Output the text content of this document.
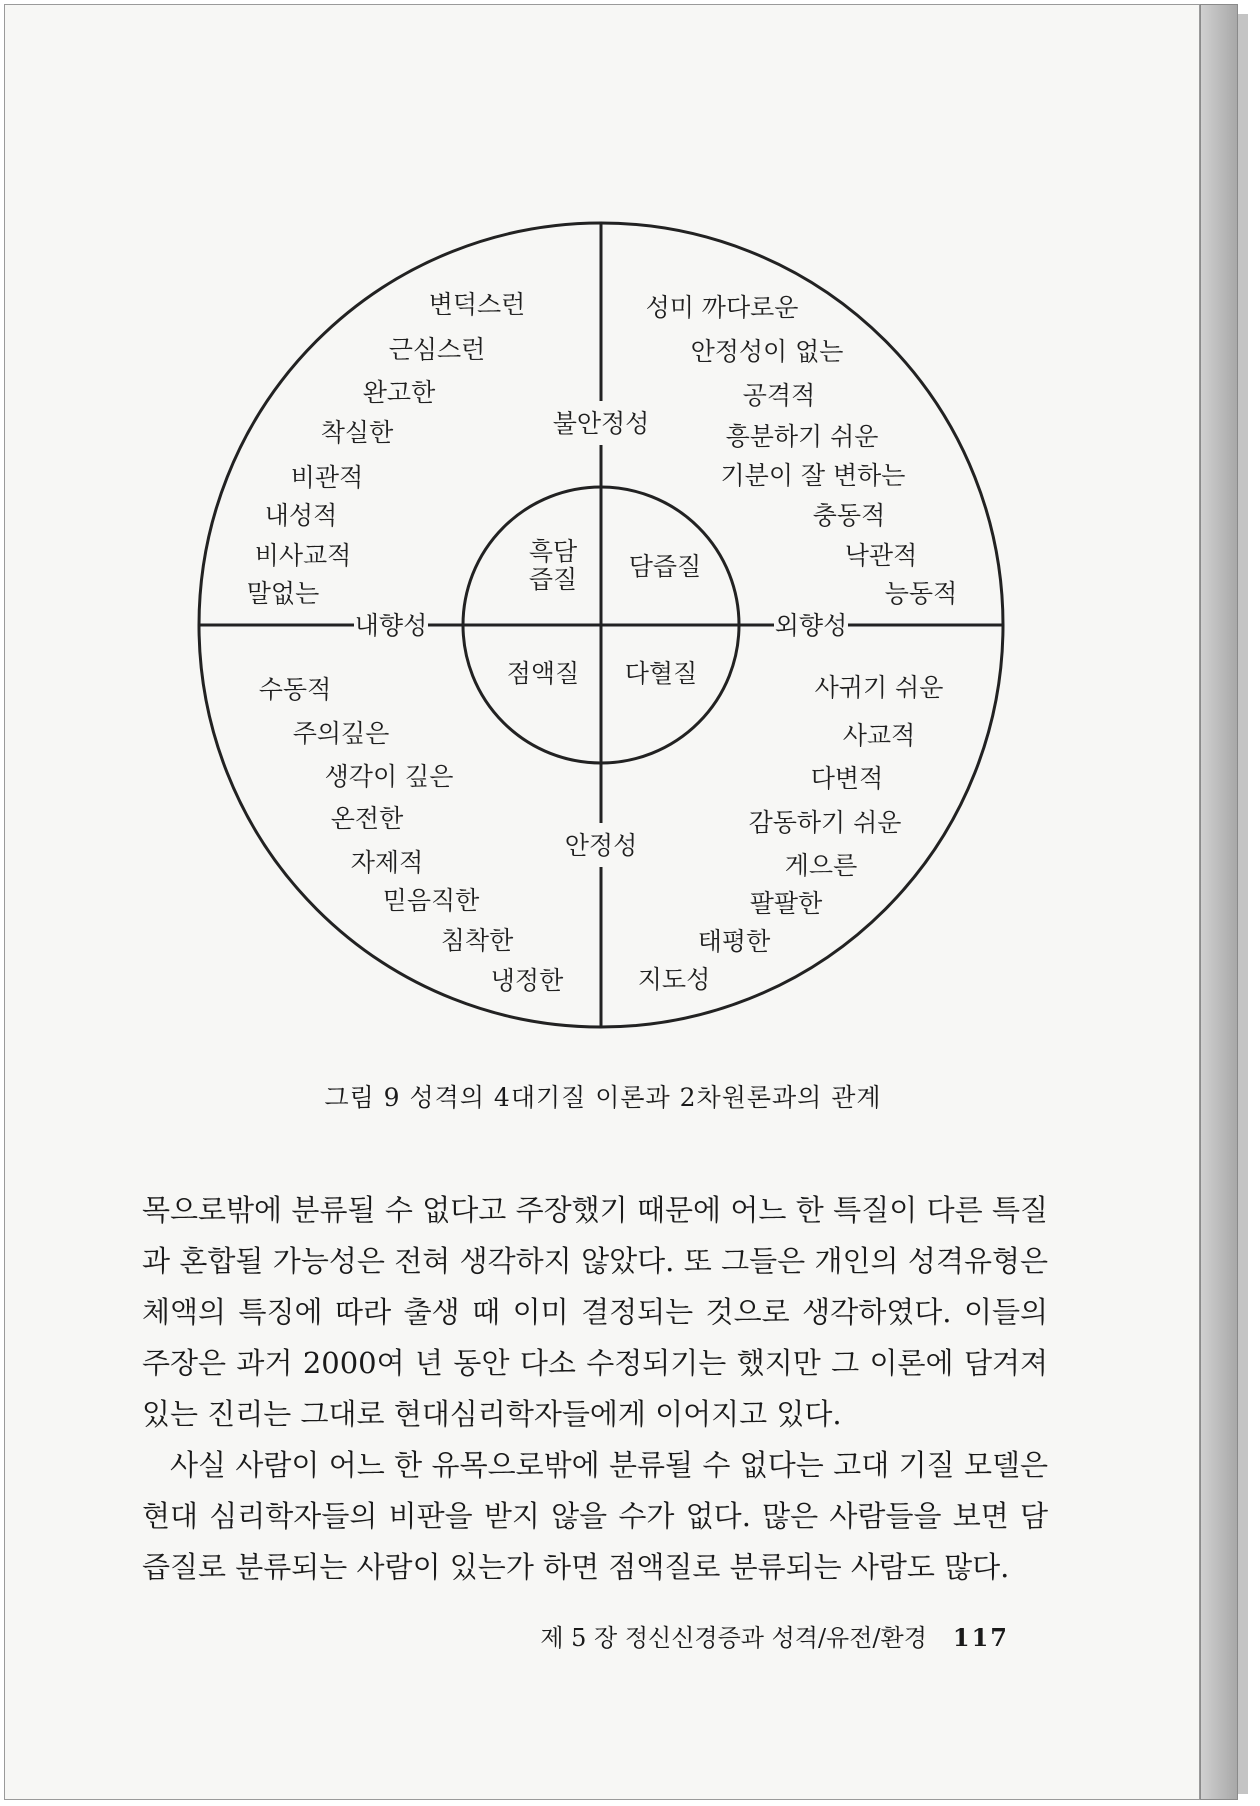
불안정성
안정성
내향성	외향성
흑담
즙질 담즙질
점액질 다혈질
변덕스런
근심스런
완고한
착실한
비관적
내성적
비사교적
말없는
성미 까다로운
안정성이 없는
공격적
흥분하기 쉬운
기분이 잘 변하는
충동적
낙관적
능동적
수동적
주의깊은
생각이 깊은
온전한
자제적
믿음직한
침착한
냉정한
사귀기 쉬운
사교적
다변적
감동하기 쉬운
게으른
팔팔한
태평한
지도성
그림 9 성격의 4대기질 이론과 2차원론과의 관계

목으로밖에 분류될 수 없다고 주장했기 때문에 어느 한 특질이 다른 특질과 혼합될 가능성은 전혀 생각하지 않았다. 또 그들은 개인의 성격유형은 체액의 특징에 따라 출생 때 이미 결정되는 것으로 생각하였다. 이들의 주장은 과거 2000여 년 동안 다소 수정되기는 했지만 그 이론에 담겨져 있는 진리는 그대로 현대심리학자들에게 이어지고 있다.

사실 사람이 어느 한 유목으로밖에 분류될 수 없다는 고대 기질 모델은 현대 심리학자들의 비판을 받지 않을 수가 없다. 많은 사람들을 보면 담즙질로 분류되는 사람이 있는가 하면 점액질로 분류되는 사람도 많다.

제 5 장 정신신경증과 성격/유전/환경 117
